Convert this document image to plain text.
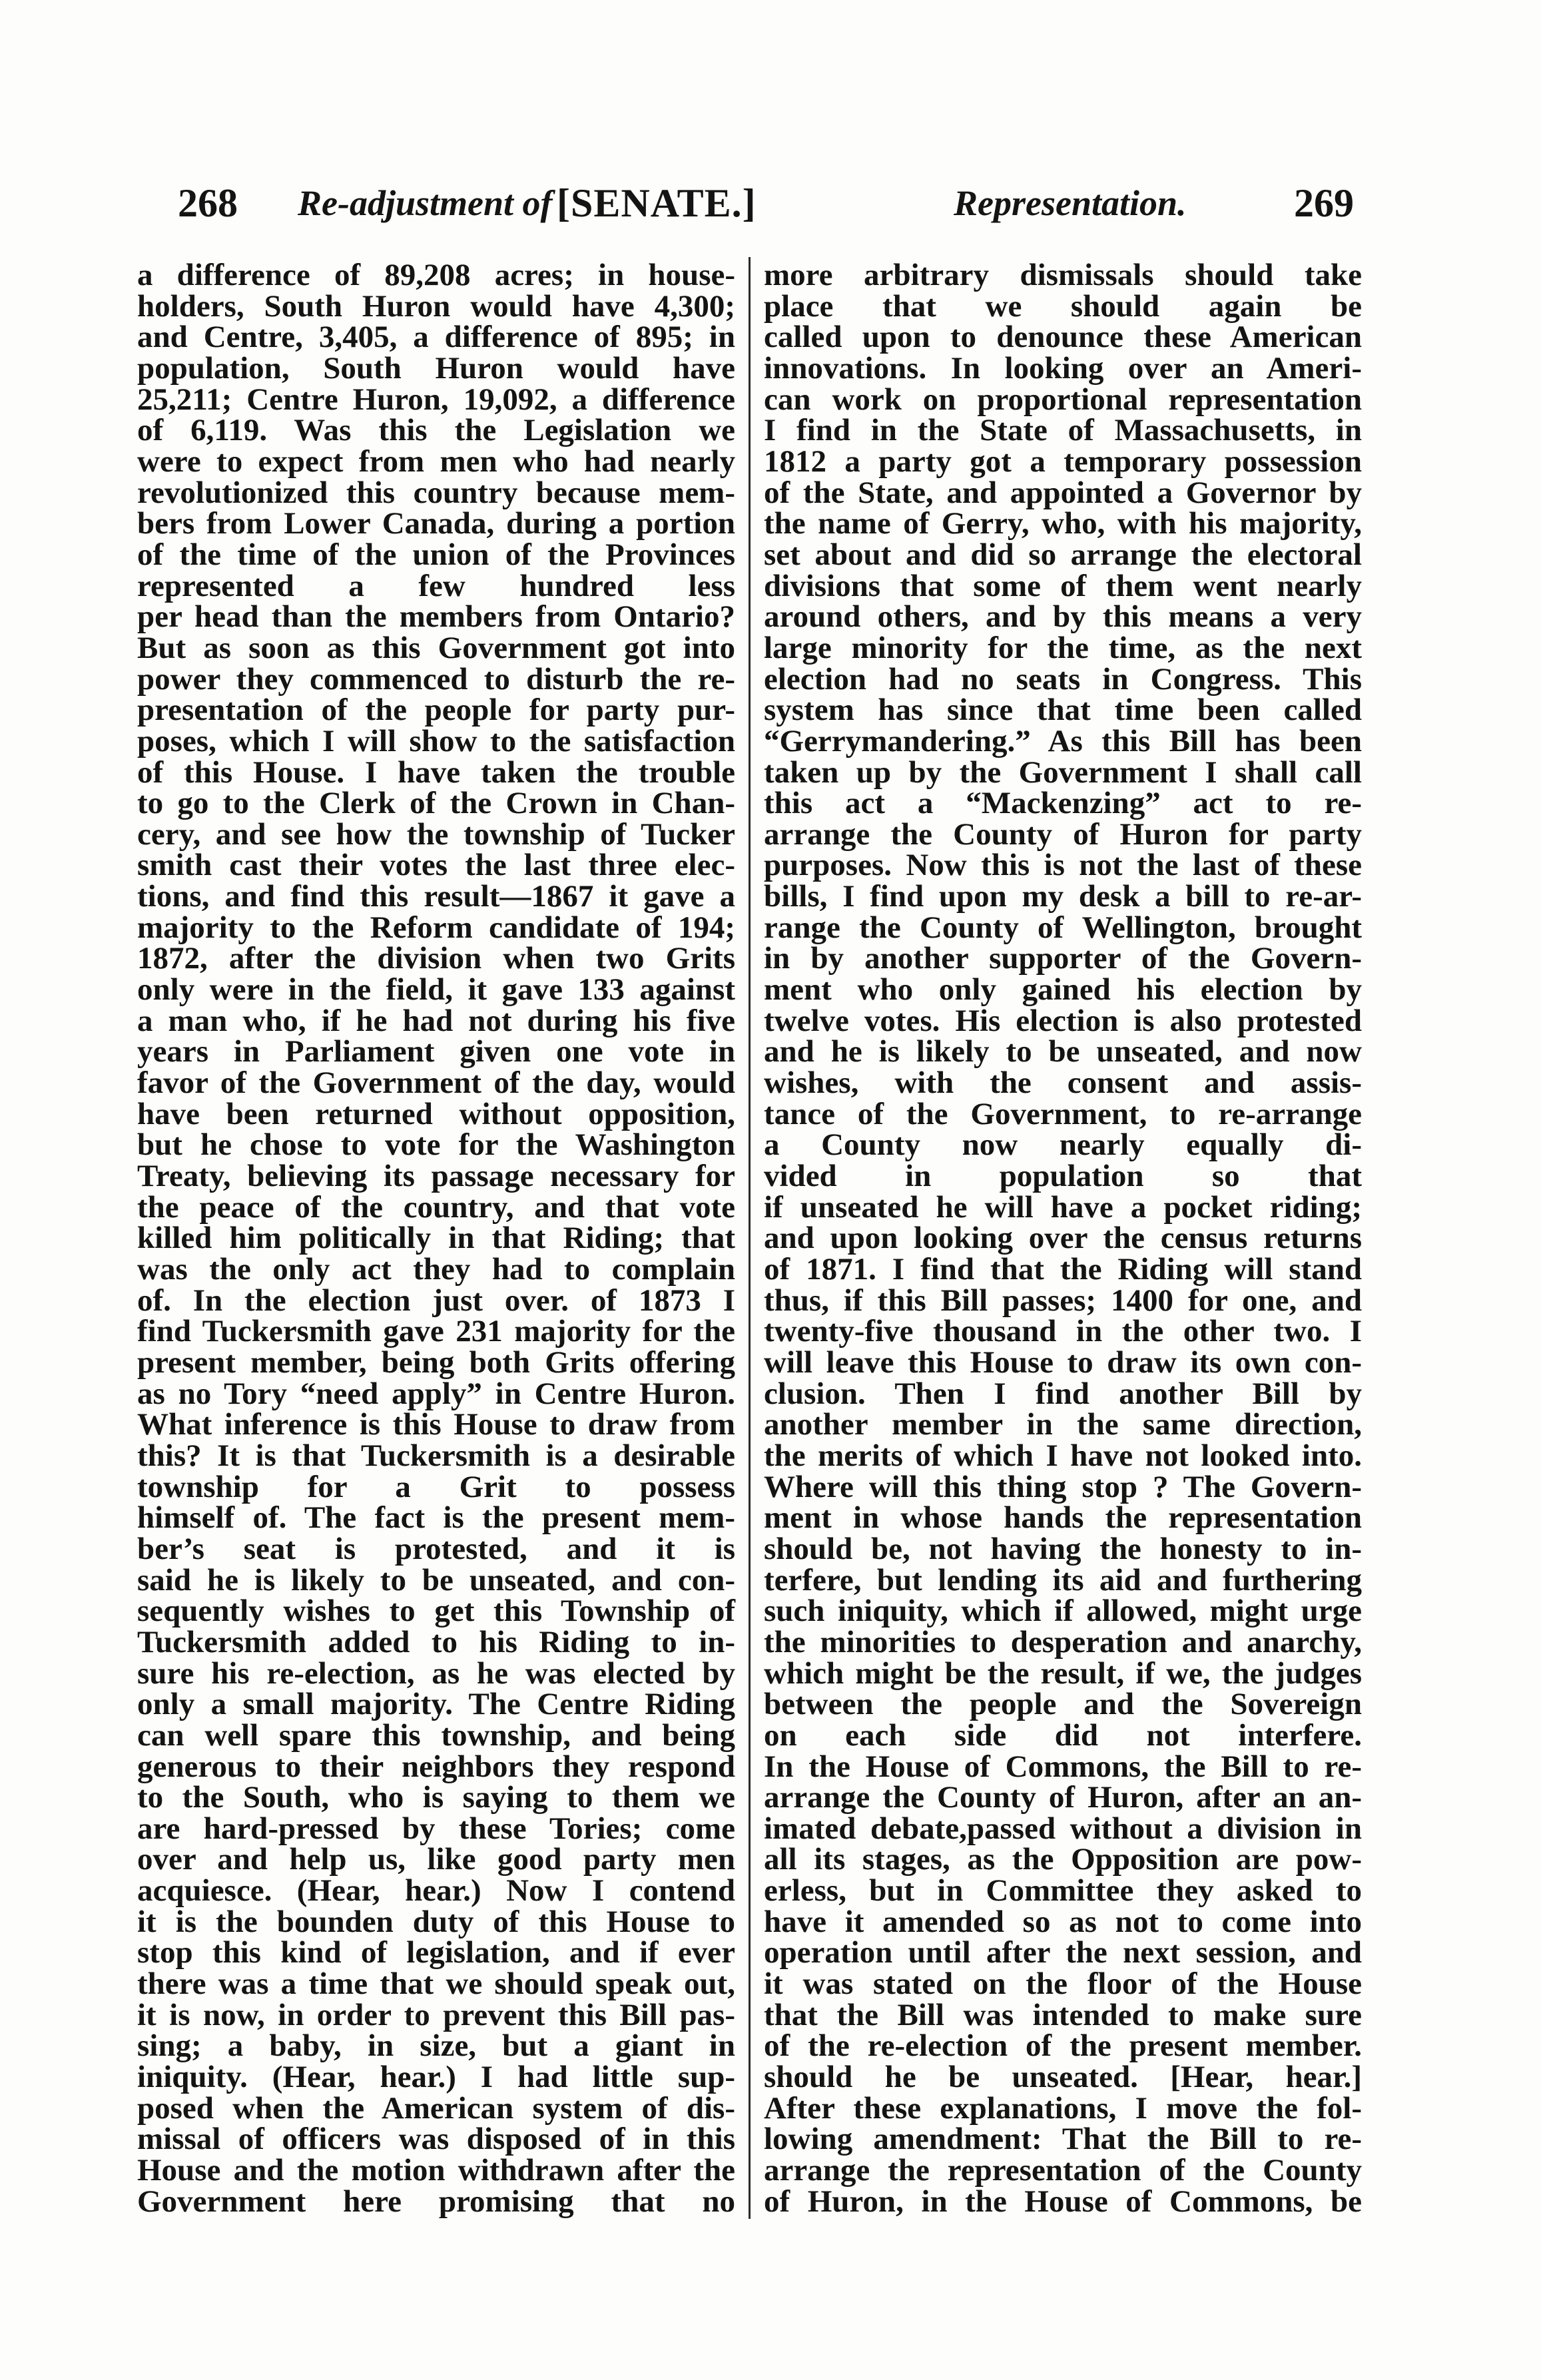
268 Re-adjustment of [SENATE.]	Representation.	269
a difference of 89,208 acres; in house-
holders, South Huron would have 4,300;
and Centre, 3,405, a difference of 895; in
population, South Huron would have
25,211; Centre Huron, 19,092, a difference
of 6,119. Was this the Legislation we
were to expect from men who had nearly
revolutionized this country because mem-
bers from Lower Canada, during a portion
of the time of the union of the Provinces
represented a few hundred less
per head than the members from Ontario?
But as soon as this Government got into
power they commenced to disturb the re-
presentation of the people for party pur-
poses, which I will show to the satisfaction
of this House. I have taken the trouble
to go to the Clerk of the Crown in Chan-
cery, and see how the township of Tucker
smith cast their votes the last three elec-
tions, and find this result—1867 it gave a
majority to the Reform candidate of 194;
1872, after the division when two Grits
only were in the field, it gave 133 against
a man who, if he had not during his five
years in Parliament given one vote in
favor of the Government of the day, would
have been returned without opposition,
but he chose to vote for the Washington
Treaty, believing its passage necessary for
the peace of the country, and that vote
killed him politically in that Riding; that
was the only act they had to complain
of. In the election just over. of 1873 I
find Tuckersmith gave 231 majority for the
present member, being both Grits offering
as no Tory “need apply” in Centre Huron.
What inference is this House to draw from
this? It is that Tuckersmith is a desirable
township for a Grit to possess
himself of. The fact is the present mem-
ber’s seat is protested, and it is
said he is likely to be unseated, and con-
sequently wishes to get this Township of
Tuckersmith added to his Riding to in-
sure his re-election, as he was elected by
only a small majority. The Centre Riding
can well spare this township, and being
generous to their neighbors they respond
to the South, who is saying to them we
are hard-pressed by these Tories; come
over and help us, like good party men
acquiesce. (Hear, hear.) Now I contend
it is the bounden duty of this House to
stop this kind of legislation, and if ever
there was a time that we should speak out,
it is now, in order to prevent this Bill pas-
sing; a baby, in size, but a giant in
iniquity. (Hear, hear.) I had little sup-
posed when the American system of dis-
missal of officers was disposed of in this
House and the motion withdrawn after the
Government here promising that no
more arbitrary dismissals should take
place that we should again be
called upon to denounce these American
innovations. In looking over an Ameri-
can work on proportional representation
I find in the State of Massachusetts, in
1812 a party got a temporary possession
of the State, and appointed a Governor by
the name of Gerry, who, with his majority,
set about and did so arrange the electoral
divisions that some of them went nearly
around others, and by this means a very
large minority for the time, as the next
election had no seats in Congress. This
system has since that time been called
“Gerrymandering.” As this Bill has been
taken up by the Government I shall call
this act a “Mackenzing” act to re-
arrange the County of Huron for party
purposes. Now this is not the last of these
bills, I find upon my desk a bill to re-ar-
range the County of Wellington, brought
in by another supporter of the Govern-
ment who only gained his election by
twelve votes. His election is also protested
and he is likely to be unseated, and now
wishes, with the consent and assis-
tance of the Government, to re-arrange
a County now nearly equally di-
vided in population so that
if unseated he will have a pocket riding;
and upon looking over the census returns
of 1871. I find that the Riding will stand
thus, if this Bill passes; 1400 for one, and
twenty-five thousand in the other two. I
will leave this House to draw its own con-
clusion. Then I find another Bill by
another member in the same direction,
the merits of which I have not looked into.
Where will this thing stop ? The Govern-
ment in whose hands the representation
should be, not having the honesty to in-
terfere, but lending its aid and furthering
such iniquity, which if allowed, might urge
the minorities to desperation and anarchy,
which might be the result, if we, the judges
between the people and the Sovereign
on each side did not interfere.
In the House of Commons, the Bill to re-
arrange the County of Huron, after an an-
imated debate,passed without a division in
all its stages, as the Opposition are pow-
erless, but in Committee they asked to
have it amended so as not to come into
operation until after the next session, and
it was stated on the floor of the House
that the Bill was intended to make sure
of the re-election of the present member.
should he be unseated. [Hear, hear.]
After these explanations, I move the fol-
lowing amendment: That the Bill to re-
arrange the representation of the County
of Huron, in the House of Commons, be
